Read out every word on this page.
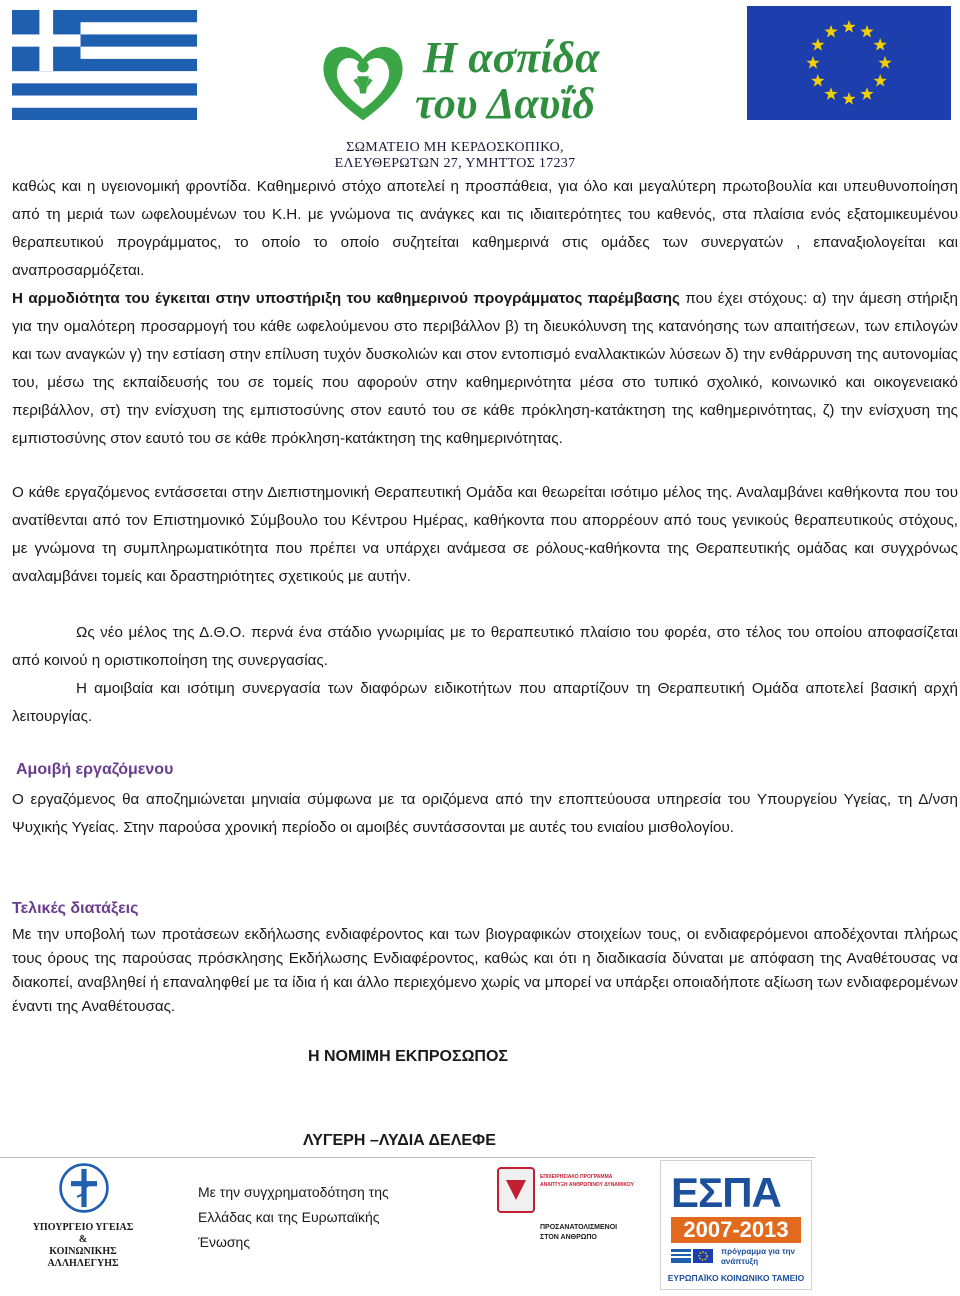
Η ασπίδα
του Δαυΐδ
ΣΩΜΑΤΕΙΟ ΜΗ ΚΕΡΔΟΣΚΟΠΙΚΟ,
ΕΛΕΥΘΕΡΩΤΩΝ 27, ΥΜΗΤΤΟΣ 17237

καθώς και η υγειονομική φροντίδα. Καθημερινό στόχο αποτελεί η προσπάθεια, για όλο και μεγαλύτερη πρωτοβουλία και υπευθυνοποίηση από τη μεριά των ωφελουμένων του Κ.Η. με γνώμονα τις ανάγκες και τις ιδιαιτερότητες του καθενός, στα πλαίσια ενός εξατομικευμένου θεραπευτικού προγράμματος, το οποίο το οποίο συζητείται καθημερινά στις ομάδες των συνεργατών , επαναξιολογείται και αναπροσαρμόζεται.

Η αρμοδιότητα του έγκειται στην υποστήριξη του καθημερινού προγράμματος παρέμβασης που έχει στόχους: α) την άμεση στήριξη για την ομαλότερη προσαρμογή του κάθε ωφελούμενου στο περιβάλλον β) τη διευκόλυνση της κατανόησης των απαιτήσεων, των επιλογών και των αναγκών γ) την εστίαση στην επίλυση τυχόν δυσκολιών και στον εντοπισμό εναλλακτικών λύσεων δ) την ενθάρρυνση της αυτονομίας του, μέσω της εκπαίδευσής του σε τομείς που αφορούν στην καθημερινότητα μέσα στο τυπικό σχολικό, κοινωνικό και οικογενειακό περιβάλλον, στ) την ενίσχυση της εμπιστοσύνης στον εαυτό του σε κάθε πρόκληση-κατάκτηση της καθημερινότητας, ζ) την ενίσχυση της εμπιστοσύνης στον εαυτό του σε κάθε πρόκληση-κατάκτηση της καθημερινότητας.

Ο κάθε εργαζόμενος εντάσσεται στην Διεπιστημονική Θεραπευτική Ομάδα και θεωρείται ισότιμο μέλος της. Αναλαμβάνει καθήκοντα που του ανατίθενται από τον Επιστημονικό Σύμβουλο του Κέντρου Ημέρας, καθήκοντα που απορρέουν από τους γενικούς θεραπευτικούς στόχους, με γνώμονα τη συμπληρωματικότητα που πρέπει να υπάρχει ανάμεσα σε ρόλους-καθήκοντα της Θεραπευτικής ομάδας και συγχρόνως αναλαμβάνει τομείς και δραστηριότητες σχετικούς με αυτήν.

Ως νέο μέλος της Δ.Θ.Ο. περνά ένα στάδιο γνωριμίας με το θεραπευτικό πλαίσιο του φορέα, στο τέλος του οποίου αποφασίζεται από κοινού η οριστικοποίηση της συνεργασίας.

Η αμοιβαία και ισότιμη συνεργασία των διαφόρων ειδικοτήτων που απαρτίζουν τη Θεραπευτική Ομάδα αποτελεί βασική αρχή λειτουργίας.

Αμοιβή εργαζόμενου

Ο εργαζόμενος θα αποζημιώνεται μηνιαία σύμφωνα με τα οριζόμενα από την εποπτεύουσα υπηρεσία του Υπουργείου Υγείας, τη Δ/νση Ψυχικής Υγείας. Στην παρούσα χρονική περίοδο οι αμοιβές συντάσσονται με αυτές του ενιαίου μισθολογίου.

Τελικές διατάξεις

Με την υποβολή των προτάσεων εκδήλωσης ενδιαφέροντος και των βιογραφικών στοιχείων τους, οι ενδιαφερόμενοι αποδέχονται πλήρως τους όρους της παρούσας πρόσκλησης Εκδήλωσης Ενδιαφέροντος, καθώς και ότι η διαδικασία δύναται με απόφαση της Αναθέτουσας να διακοπεί, αναβληθεί ή επαναληφθεί με τα ίδια ή και άλλο περιεχόμενο χωρίς να μπορεί να υπάρξει οποιαδήποτε αξίωση των ενδιαφερομένων έναντι της Αναθέτουσας.

Η ΝΟΜΙΜΗ ΕΚΠΡΟΣΩΠΟΣ
ΛΥΓΕΡΗ –ΛΥΔΙΑ ΔΕΛΕΦΕ
ΥΠΟΥΡΓΕΙΟ ΥΓΕΙΑΣ
&
ΚΟΙΝΩΝΙΚΗΣ ΑΛΛΗΛΕΓΥΗΣ
Με την συγχρηματοδότηση της
Ελλάδας και της Ευρωπαϊκής
Ένωσης
ΕΠΙΧΕΙΡΗΣΙΑΚΟ ΠΡΟΓΡΑΜΜΑ
ΑΝΑΠΤΥΞΗ ΑΝΘΡΩΠΙΝΟΥ ΔΥΝΑΜΙΚΟΥ
ΠΡΟΣΑΝΑΤΟΛΙΣΜΕΝΟΙ
ΣΤΟΝ ΑΝΘΡΩΠΟ
ΕΣΠΑ
2007-2013
πρόγραμμα για την ανάπτυξη
ΕΥΡΩΠΑΪΚΟ ΚΟΙΝΩΝΙΚΟ ΤΑΜΕΙΟ
